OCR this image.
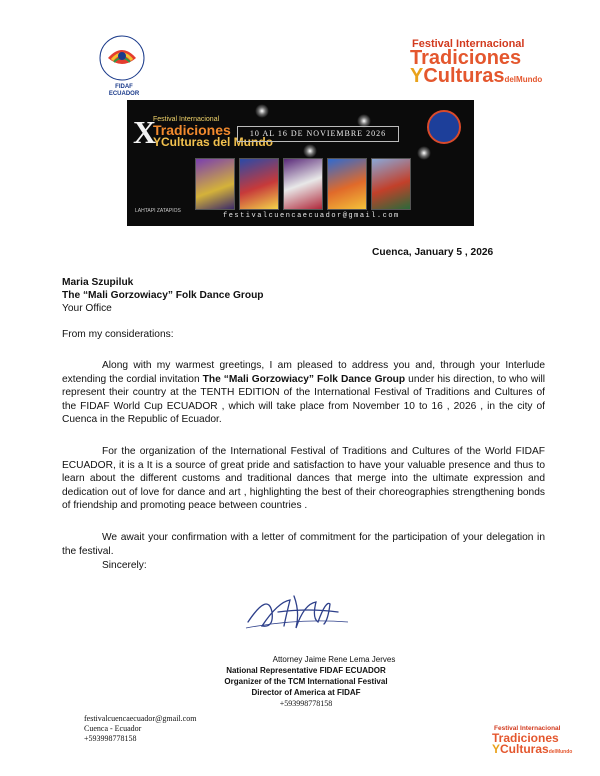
FIDAF
ECUADOR
Festival Internacional
Tradiciones
YCulturasdelMundo
X
Festival Internacional
Tradiciones
YCulturas del Mundo
10 AL 16 DE NOVIEMBRE 2026
LAHTAPI ZATAPIOS
festivalcuencaecuador@gmail.com
Cuenca, January 5 , 2026
Maria Szupiluk
The “Mali Gorzowiacy” Folk Dance Group
Your Office
From my considerations:
Along with my warmest greetings, I am pleased to address you and, through your Interlude extending the cordial invitation The “Mali Gorzowiacy” Folk Dance Group under his direction, to who will represent their country at the TENTH EDITION of the International Festival of Traditions and Cultures of the FIDAF World Cup ECUADOR , which will take place from November 10 to 16 , 2026 , in the city of Cuenca in the Republic of Ecuador.
For the organization of the International Festival of Traditions and Cultures of the World FIDAF ECUADOR, it is a It is a source of great pride and satisfaction to have your valuable presence and thus to learn about the different customs and traditional dances that merge into the ultimate expression and dedication out of love for dance and art , highlighting the best of their choreographies strengthening bonds of friendship and promoting peace between countries .
We await your confirmation with a letter of commitment for the participation of your delegation in the festival.
Sincerely:
Attorney Jaime Rene Lema Jerves
National Representative FIDAF ECUADOR
Organizer of the TCM International Festival
Director of America at FIDAF
+593998778158
festivalcuencaecuador@gmail.com
Cuenca - Ecuador
+593998778158
Festival Internacional
Tradiciones
YCulturasdelMundo
